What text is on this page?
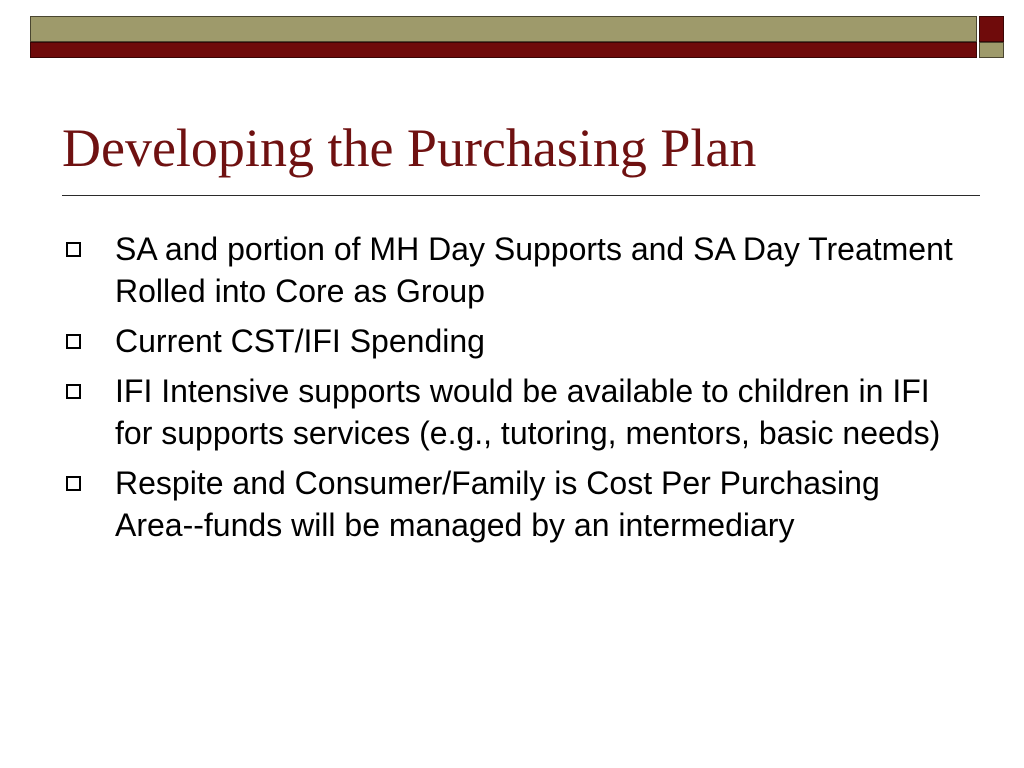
Developing the Purchasing Plan
SA and portion of MH Day Supports and SA Day Treatment Rolled into Core as Group
Current CST/IFI Spending
IFI Intensive supports would be available to children in IFI for supports services (e.g., tutoring, mentors, basic needs)
Respite and Consumer/Family is Cost Per Purchasing Area--funds will be managed by an intermediary
